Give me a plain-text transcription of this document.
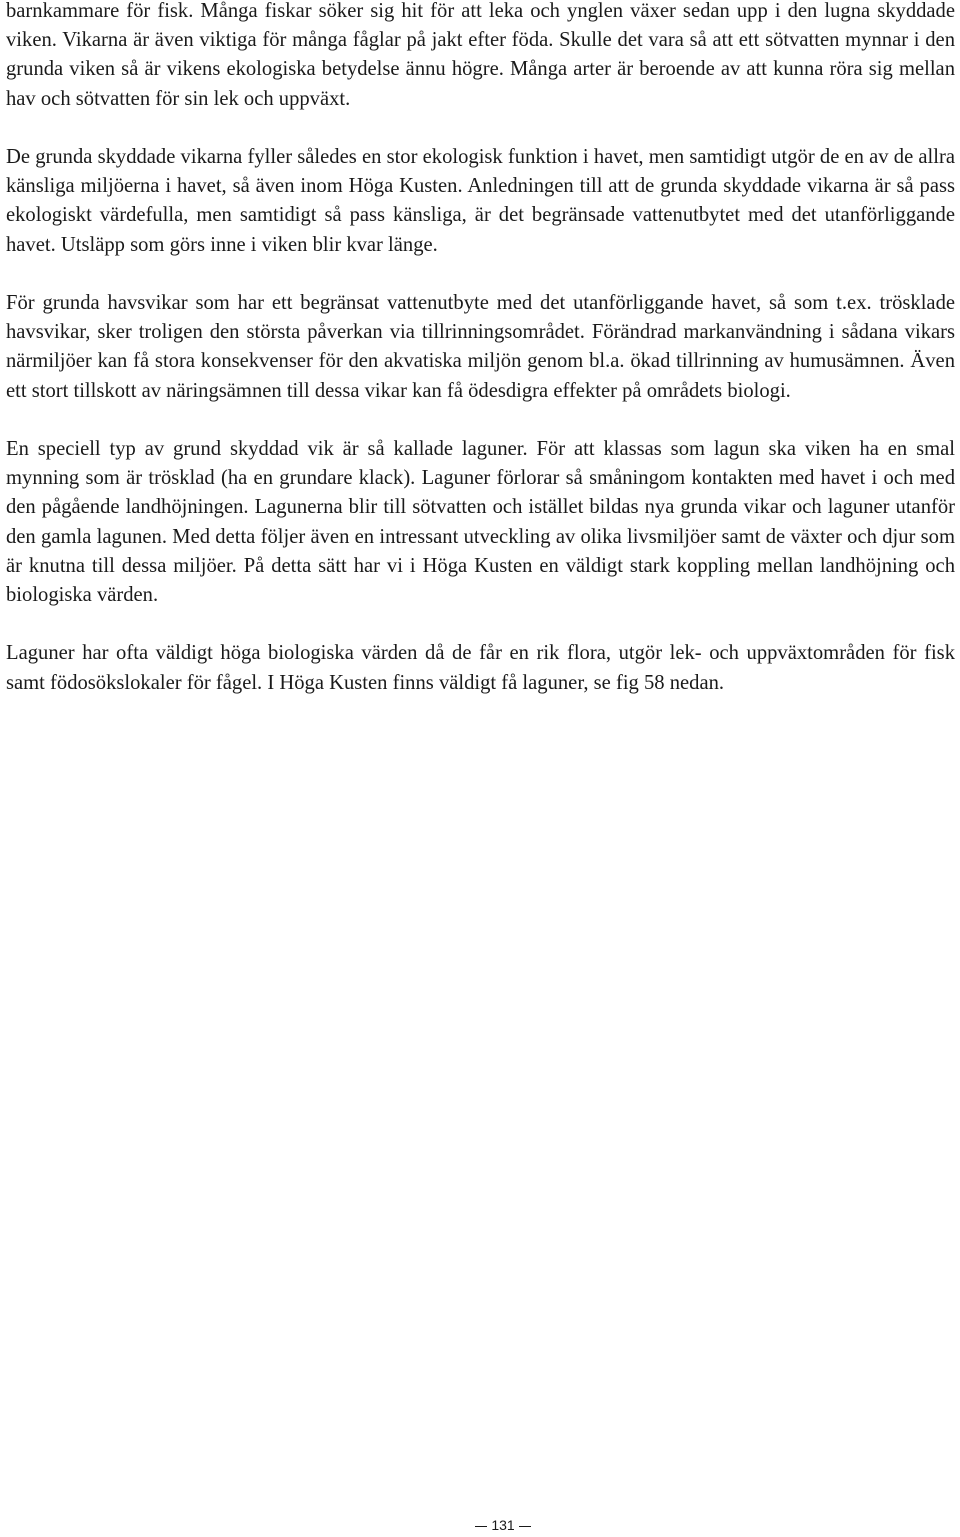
barnkammare för fisk. Många fiskar söker sig hit för att leka och ynglen växer sedan upp i den lugna skyddade viken. Vikarna är även viktiga för många fåglar på jakt efter föda. Skulle det vara så att ett sötvatten mynnar i den grunda viken så är vikens ekologiska betydelse ännu högre. Många arter är beroende av att kunna röra sig mellan hav och sötvatten för sin lek och uppväxt.

De grunda skyddade vikarna fyller således en stor ekologisk funktion i havet, men samtidigt utgör de en av de allra känsliga miljöerna i havet, så även inom Höga Kusten. Anledningen till att de grunda skyddade vikarna är så pass ekologiskt värdefulla, men samtidigt så pass känsliga, är det begränsade vattenutbytet med det utanförliggande havet. Utsläpp som görs inne i viken blir kvar länge.

För grunda havsvikar som har ett begränsat vattenutbyte med det utanförliggande havet, så som t.ex. trösklade havsvikar, sker troligen den största påverkan via tillrinningsområdet. Förändrad markanvändning i sådana vikars närmiljöer kan få stora konsekvenser för den akvatiska miljön genom bl.a. ökad tillrinning av humusämnen. Även ett stort tillskott av näringsämnen till dessa vikar kan få ödesdigra effekter på områdets biologi.

En speciell typ av grund skyddad vik är så kallade laguner. För att klassas som lagun ska viken ha en smal mynning som är trösklad (ha en grundare klack). Laguner förlorar så småningom kontakten med havet i och med den pågående landhöjningen. Lagunerna blir till sötvatten och istället bildas nya grunda vikar och laguner utanför den gamla lagunen. Med detta följer även en intressant utveckling av olika livsmiljöer samt de växter och djur som är knutna till dessa miljöer. På detta sätt har vi i Höga Kusten en väldigt stark koppling mellan landhöjning och biologiska värden.

Laguner har ofta väldigt höga biologiska värden då de får en rik flora, utgör lek- och uppväxtområden för fisk samt födosökslokaler för fågel. I Höga Kusten finns väldigt få laguner, se fig 58 nedan.

131
